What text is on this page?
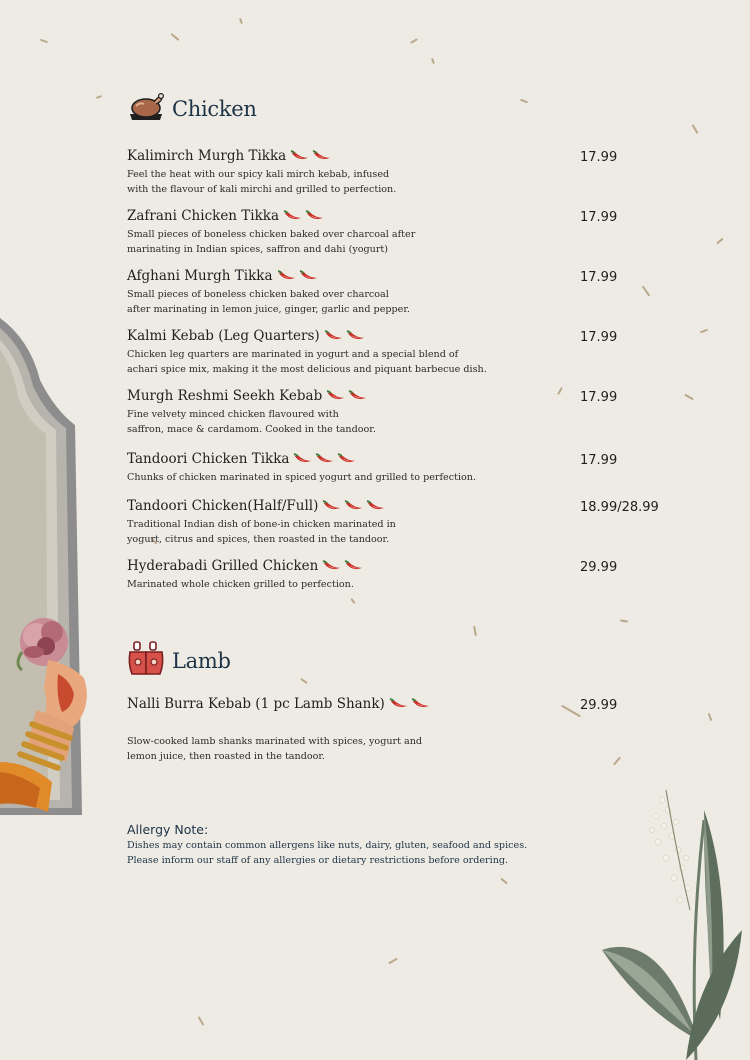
Chicken
Kalimirch Murgh Tikka
Feel the heat with our spicy kali mirch kebab, infused
with the flavour of kali mirchi and grilled to perfection.
17.99
Zafrani Chicken Tikka
Small pieces of boneless chicken baked over charcoal after
marinating in Indian spices, saffron and dahi (yogurt)
17.99
Afghani Murgh Tikka
Small pieces of boneless chicken baked over charcoal
after marinating in lemon juice, ginger, garlic and pepper.
17.99
Kalmi Kebab (Leg Quarters)
Chicken leg quarters are marinated in yogurt and a special blend of
achari spice mix, making it the most delicious and piquant barbecue dish.
17.99
Murgh Reshmi Seekh Kebab
Fine velvety minced chicken flavoured with
saffron, mace & cardamom. Cooked in the tandoor.
17.99
Tandoori Chicken Tikka
Chunks of chicken marinated in spiced yogurt and grilled to perfection.
17.99
Tandoori Chicken(Half/Full)
Traditional Indian dish of bone-in chicken marinated in
yogurt, citrus and spices, then roasted in the tandoor.
18.99/28.99
Hyderabadi Grilled Chicken
Marinated whole chicken grilled to perfection.
29.99
Lamb
Nalli Burra Kebab (1 pc Lamb Shank)
Slow-cooked lamb shanks marinated with spices, yogurt and
lemon juice, then roasted in the tandoor.
29.99
Allergy Note:
Dishes may contain common allergens like nuts, dairy, gluten, seafood and spices.
Please inform our staff of any allergies or dietary restrictions before ordering.
